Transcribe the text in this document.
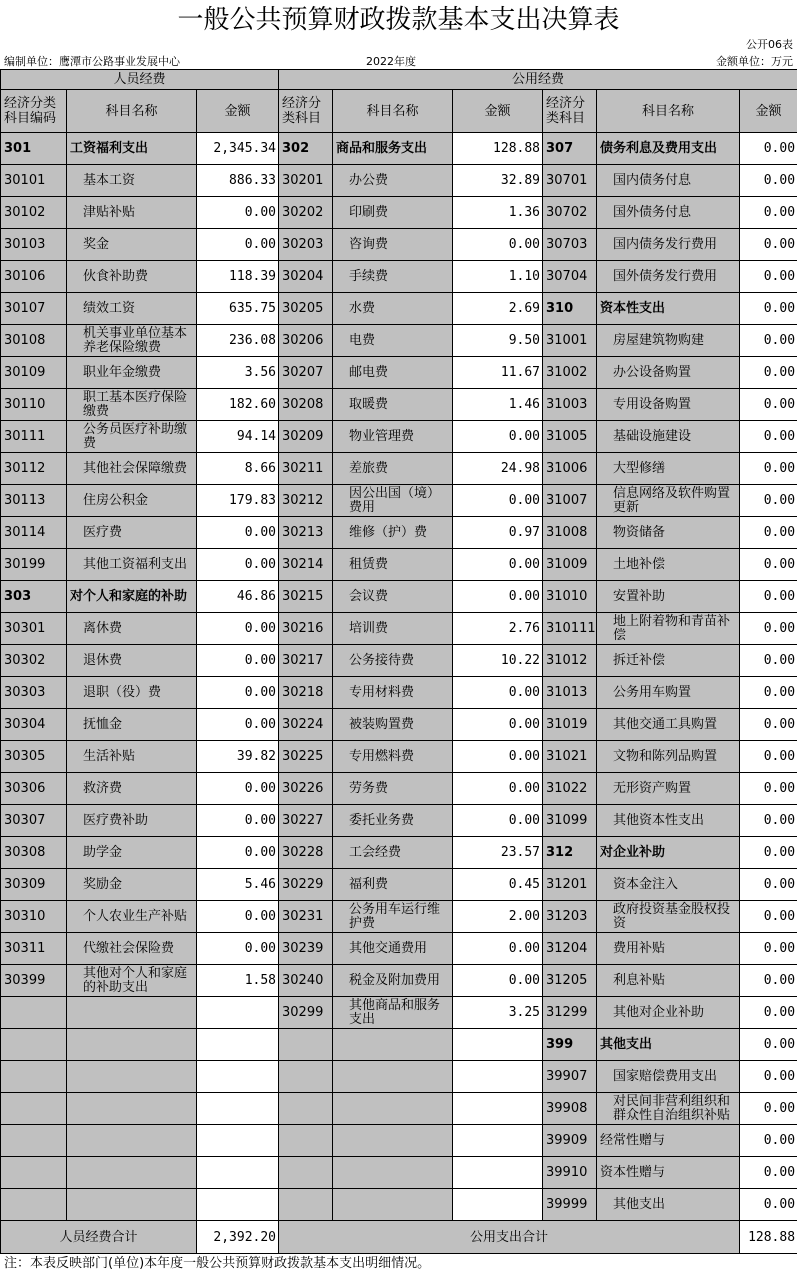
一般公共预算财政拨款基本支出决算表
公开06表
编制单位：鹰潭市公路事业发展中心	2022年度	金额单位：万元
人员经费			公用经费					
经济分类科目编码	科目名称	金额	经济分类科目	科目名称	金额	经济分类科目	科目名称	金额
301	工资福利支出	2,345.34	302	商品和服务支出	128.88	307	债务利息及费用支出	0.00
30101	基本工资	886.33	30201	办公费	32.89	30701	国内债务付息	0.00
30102	津贴补贴	0.00	30202	印刷费	1.36	30702	国外债务付息	0.00
30103	奖金	0.00	30203	咨询费	0.00	30703	国内债务发行费用	0.00
30106	伙食补助费	118.39	30204	手续费	1.10	30704	国外债务发行费用	0.00
30107	绩效工资	635.75	30205	水费	2.69	310	资本性支出	0.00
30108	机关事业单位基本养老保险缴费	236.08	30206	电费	9.50	31001	房屋建筑物购建	0.00
30109	职业年金缴费	3.56	30207	邮电费	11.67	31002	办公设备购置	0.00
30110	职工基本医疗保险缴费	182.60	30208	取暖费	1.46	31003	专用设备购置	0.00
30111	公务员医疗补助缴费	94.14	30209	物业管理费	0.00	31005	基础设施建设	0.00
30112	其他社会保障缴费	8.66	30211	差旅费	24.98	31006	大型修缮	0.00
30113	住房公积金	179.83	30212	因公出国（境）费用	0.00	31007	信息网络及软件购置更新	0.00
30114	医疗费	0.00	30213	维修（护）费	0.97	31008	物资储备	0.00
30199	其他工资福利支出	0.00	30214	租赁费	0.00	31009	土地补偿	0.00
303	对个人和家庭的补助	46.86	30215	会议费	0.00	31010	安置补助	0.00
30301	离休费	0.00	30216	培训费	2.76	310111	地上附着物和青苗补偿	0.00
30302	退休费	0.00	30217	公务接待费	10.22	31012	拆迁补偿	0.00
30303	退职（役）费	0.00	30218	专用材料费	0.00	31013	公务用车购置	0.00
30304	抚恤金	0.00	30224	被装购置费	0.00	31019	其他交通工具购置	0.00
30305	生活补贴	39.82	30225	专用燃料费	0.00	31021	文物和陈列品购置	0.00
30306	救济费	0.00	30226	劳务费	0.00	31022	无形资产购置	0.00
30307	医疗费补助	0.00	30227	委托业务费	0.00	31099	其他资本性支出	0.00
30308	助学金	0.00	30228	工会经费	23.57	312	对企业补助	0.00
30309	奖励金	5.46	30229	福利费	0.45	31201	资本金注入	0.00
30310	个人农业生产补贴	0.00	30231	公务用车运行维护费	2.00	31203	政府投资基金股权投资	0.00
30311	代缴社会保险费	0.00	30239	其他交通费用	0.00	31204	费用补贴	0.00
30399	其他对个人和家庭的补助支出	1.58	30240	税金及附加费用	0.00	31205	利息补贴	0.00
			30299	其他商品和服务支出	3.25	31299	其他对企业补助	0.00
						399	其他支出	0.00
						39907	国家赔偿费用支出	0.00
						39908	对民间非营利组织和群众性自治组织补贴	0.00
						39909	经常性赠与	0.00
						39910	资本性赠与	0.00
						39999	其他支出	0.00
人员经费合计		2,392.20	公用支出合计					128.88
注：本表反映部门(单位)本年度一般公共预算财政拨款基本支出明细情况。
